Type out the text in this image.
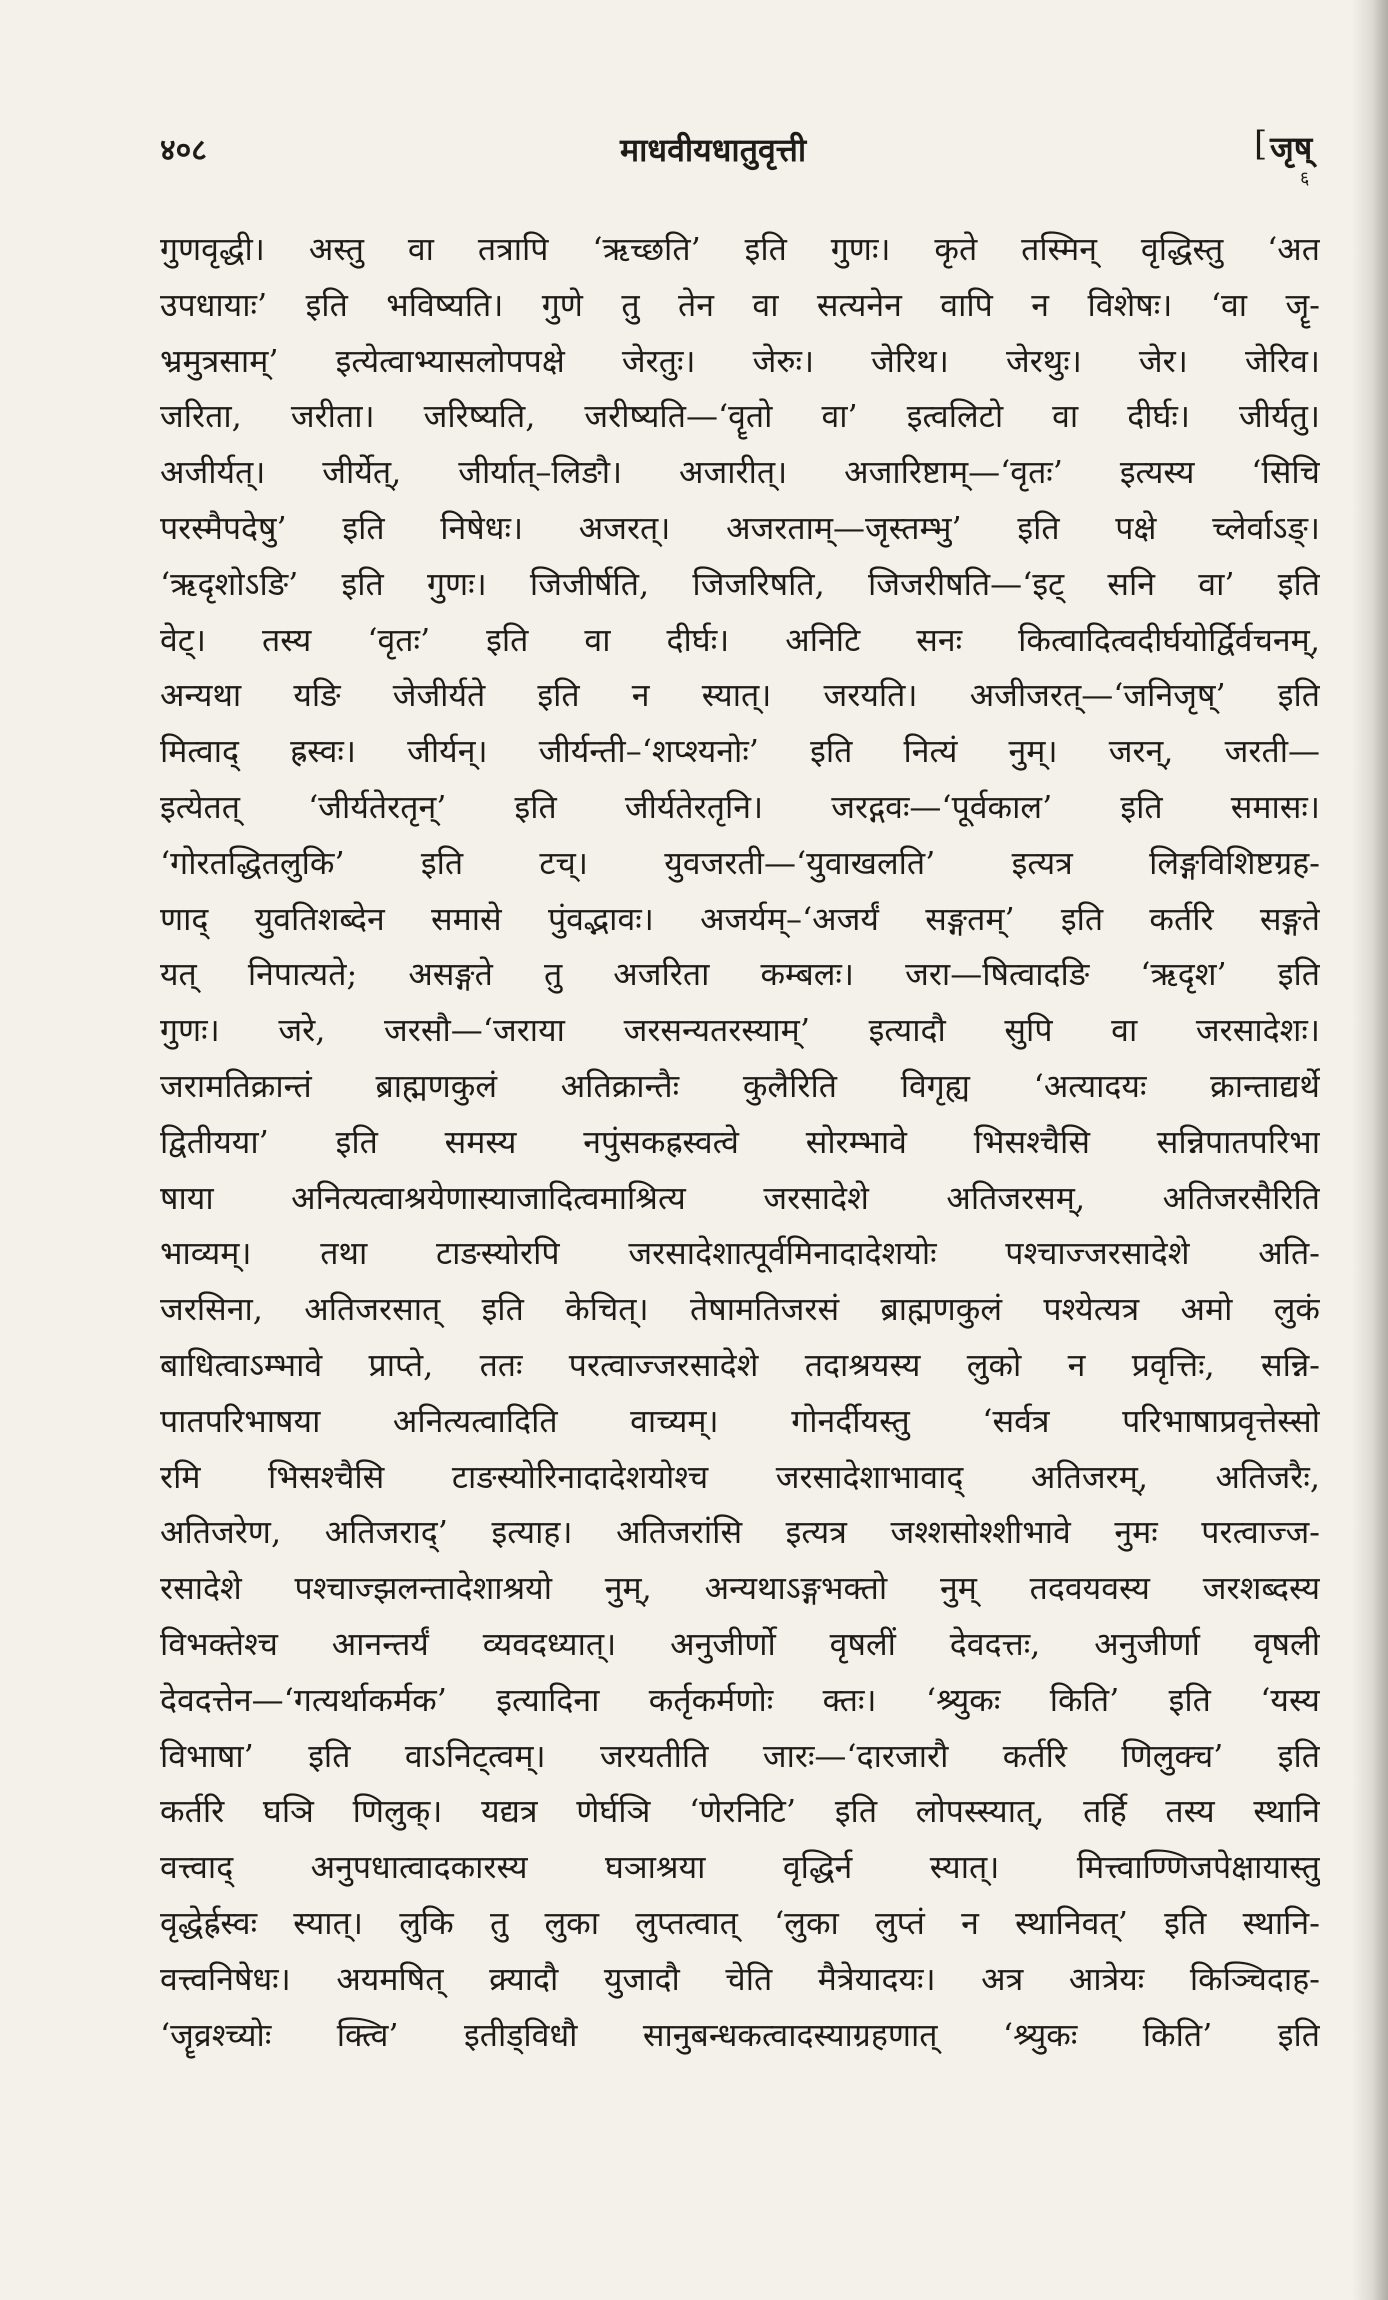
४०८	माधवीयधातुवृत्ती	[ जृष्
६
गुणवृद्धी। अस्तु वा तत्रापि ‘ऋच्छति’ इति गुणः। कृते तस्मिन् वृद्धिस्तु ‘अत
उपधायाः’ इति भविष्यति। गुणे तु तेन वा सत्यनेन वापि न विशेषः। ‘वा जॄ-
भ्रमुत्रसाम्’ इत्येत्वाभ्यासलोपपक्षे जेरतुः। जेरुः। जेरिथ। जेरथुः। जेर। जेरिव।
जरिता, जरीता। जरिष्यति, जरीष्यति—‘वॄतो वा’ इत्वलिटो वा दीर्घः। जीर्यतु।
अजीर्यत्। जीर्येत्, जीर्यात्–लिङौ। अजारीत्। अजारिष्टाम्—‘वृतः’ इत्यस्य ‘सिचि
परस्मैपदेषु’ इति निषेधः। अजरत्। अजरताम्—जृस्तम्भु’ इति पक्षे च्लेर्वाऽङ्।
‘ऋदृशोऽङि’ इति गुणः। जिजीर्षति, जिजरिषति, जिजरीषति—‘इट् सनि वा’ इति
वेट्। तस्य ‘वृतः’ इति वा दीर्घः। अनिटि सनः कित्वादित्वदीर्घयोर्द्विर्वचनम्,
अन्यथा यङि जेजीर्यते इति न स्यात्। जरयति। अजीजरत्—‘जनिजृष्’ इति
मित्वाद् ह्रस्वः। जीर्यन्। जीर्यन्ती–‘शप्श्यनोः’ इति नित्यं नुम्। जरन्, जरती—
इत्येतत् ‘जीर्यतेरतृन्’ इति जीर्यतेरतृनि। जरद्गवः—‘पूर्वकाल’ इति समासः।
‘गोरतद्धितलुकि’ इति टच्। युवजरती—‘युवाखलति’ इत्यत्र लिङ्गविशिष्टग्रह-
णाद् युवतिशब्देन समासे पुंवद्भावः। अजर्यम्–‘अजर्यं सङ्गतम्’ इति कर्तरि सङ्गते
यत् निपात्यते; असङ्गते तु अजरिता कम्बलः। जरा—षित्वादङि ‘ऋदृश’ इति
गुणः। जरे, जरसौ—‘जराया जरसन्यतरस्याम्’ इत्यादौ सुपि वा जरसादेशः।
जरामतिक्रान्तं ब्राह्मणकुलं अतिक्रान्तैः कुलैरिति विगृह्य ‘अत्यादयः क्रान्ताद्यर्थे
द्वितीयया’ इति समस्य नपुंसकह्रस्वत्वे सोरम्भावे भिसश्चैसि सन्निपातपरिभा
षाया अनित्यत्वाश्रयेणास्याजादित्वमाश्रित्य जरसादेशे अतिजरसम्, अतिजरसैरिति
भाव्यम्। तथा टाङस्योरपि जरसादेशात्पूर्वमिनादादेशयोः पश्चाज्जरसादेशे अति-
जरसिना, अतिजरसात् इति केचित्। तेषामतिजरसं ब्राह्मणकुलं पश्येत्यत्र अमो लुकं
बाधित्वाऽम्भावे प्राप्ते, ततः परत्वाज्जरसादेशे तदाश्रयस्य लुको न प्रवृत्तिः, सन्नि-
पातपरिभाषया अनित्यत्वादिति वाच्यम्। गोनर्दीयस्तु ‘सर्वत्र परिभाषाप्रवृत्तेस्सो
रमि भिसश्चैसि टाङस्योरिनादादेशयोश्च जरसादेशाभावाद् अतिजरम्, अतिजरैः,
अतिजरेण, अतिजराद्’ इत्याह। अतिजरांसि इत्यत्र जश्शसोश्शीभावे नुमः परत्वाज्ज-
रसादेशे पश्चाज्झलन्तादेशाश्रयो नुम्, अन्यथाऽङ्गभक्तो नुम् तदवयवस्य जरशब्दस्य
विभक्तेश्च आनन्तर्यं व्यवदध्यात्। अनुजीर्णो वृषलीं देवदत्तः, अनुजीर्णा वृषली
देवदत्तेन—‘गत्यर्थाकर्मक’ इत्यादिना कर्तृकर्मणोः क्तः। ‘श्र्युकः किति’ इति ‘यस्य
विभाषा’ इति वाऽनिट्त्वम्। जरयतीति जारः—‘दारजारौ कर्तरि णिलुक्च’ इति
कर्तरि घञि णिलुक्। यद्यत्र णेर्घञि ‘णेरनिटि’ इति लोपस्स्यात्, तर्हि तस्य स्थानि
वत्त्वाद् अनुपधात्वादकारस्य घञाश्रया वृद्धिर्न स्यात्। मित्त्वाण्णिजपेक्षायास्तु
वृद्धेर्ह्रस्वः स्यात्। लुकि तु लुका लुप्तत्वात् ‘लुका लुप्तं न स्थानिवत्’ इति स्थानि-
वत्त्वनिषेधः। अयमषित् क्र्यादौ युजादौ चेति मैत्रेयादयः। अत्र आत्रेयः किञ्चिदाह-
‘जॄव्रश्च्योः क्त्वि’ इतीड्विधौ सानुबन्धकत्वादस्याग्रहणात् ‘श्र्युकः किति’ इति
